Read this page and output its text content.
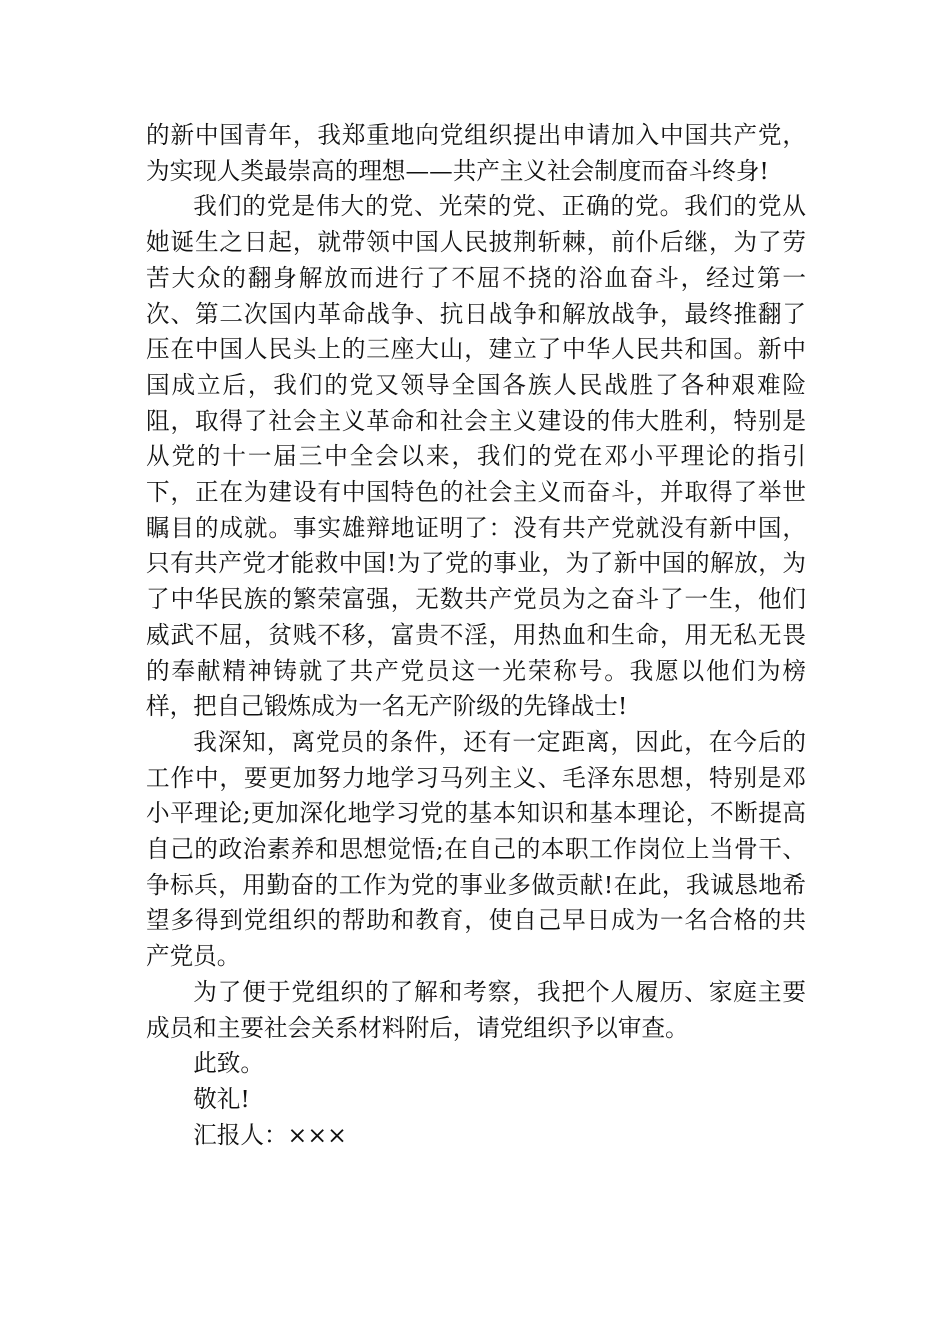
的新中国青年，我郑重地向党组织提出申请加入中国共产党，为实现人类最崇高的理想——共产主义社会制度而奋斗终身!

我们的党是伟大的党、光荣的党、正确的党。我们的党从她诞生之日起，就带领中国人民披荆斩棘，前仆后继，为了劳苦大众的翻身解放而进行了不屈不挠的浴血奋斗，经过第一次、第二次国内革命战争、抗日战争和解放战争，最终推翻了压在中国人民头上的三座大山，建立了中华人民共和国。新中国成立后，我们的党又领导全国各族人民战胜了各种艰难险阻，取得了社会主义革命和社会主义建设的伟大胜利，特别是从党的十一届三中全会以来，我们的党在邓小平理论的指引下，正在为建设有中国特色的社会主义而奋斗，并取得了举世瞩目的成就。事实雄辩地证明了：没有共产党就没有新中国，只有共产党才能救中国!为了党的事业，为了新中国的解放，为了中华民族的繁荣富强，无数共产党员为之奋斗了一生，他们威武不屈，贫贱不移，富贵不淫，用热血和生命，用无私无畏的奉献精神铸就了共产党员这一光荣称号。我愿以他们为榜样，把自己锻炼成为一名无产阶级的先锋战士!

我深知，离党员的条件，还有一定距离，因此，在今后的工作中，要更加努力地学习马列主义、毛泽东思想，特别是邓小平理论;更加深化地学习党的基本知识和基本理论，不断提高自己的政治素养和思想觉悟;在自己的本职工作岗位上当骨干、争标兵，用勤奋的工作为党的事业多做贡献!在此，我诚恳地希望多得到党组织的帮助和教育，使自己早日成为一名合格的共产党员。

为了便于党组织的了解和考察，我把个人履历、家庭主要成员和主要社会关系材料附后，请党组织予以审查。

此致。

敬礼!

汇报人：×××
